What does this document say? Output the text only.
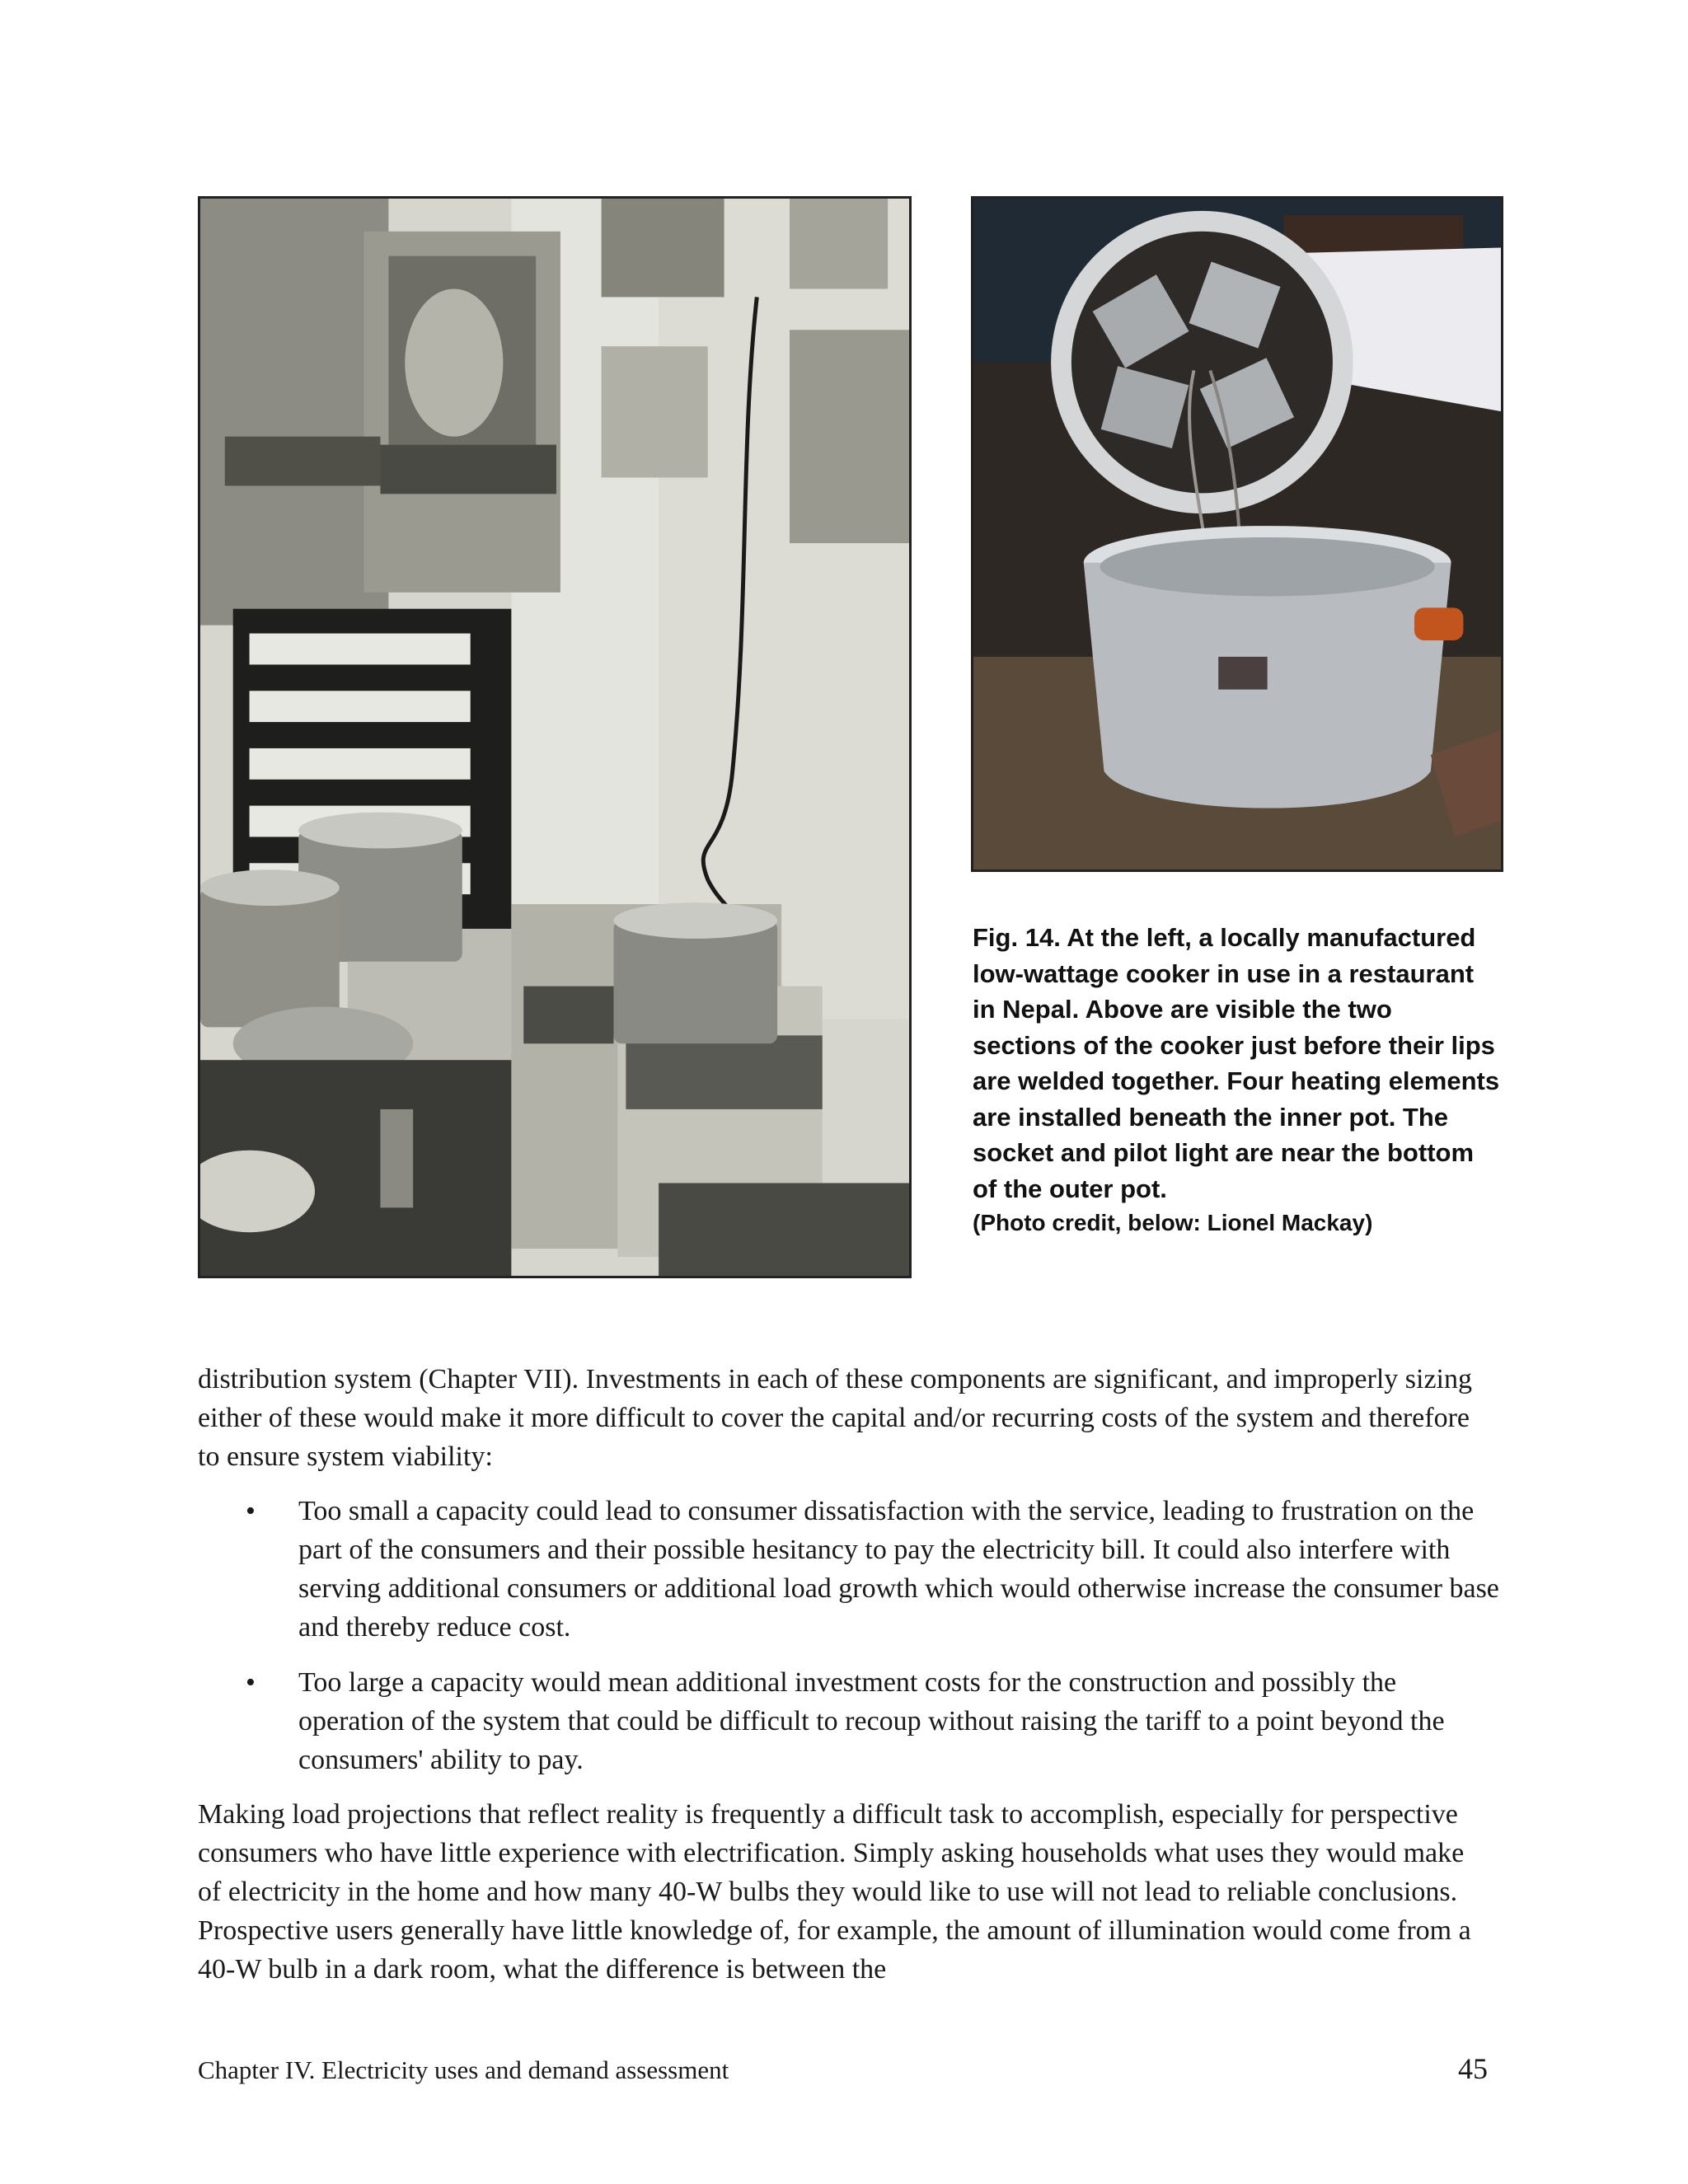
Fig. 14. At the left, a locally manufactured low-wattage cooker in use in a restaurant in Nepal. Above are visible the two sections of the cooker just before their lips are welded together. Four heating elements are installed beneath the inner pot. The socket and pilot light are near the bottom of the outer pot.
(Photo credit, below: Lionel Mackay)
distribution system (Chapter VII). Investments in each of these components are significant, and improperly sizing either of these would make it more difficult to cover the capital and/or recurring costs of the system and therefore to ensure system viability:
• Too small a capacity could lead to consumer dissatisfaction with the service, leading to frustration on the part of the consumers and their possible hesitancy to pay the electricity bill. It could also interfere with serving additional consumers or additional load growth which would otherwise increase the consumer base and thereby reduce cost.
• Too large a capacity would mean additional investment costs for the construction and possibly the operation of the system that could be difficult to recoup without raising the tariff to a point beyond the consumers' ability to pay.
Making load projections that reflect reality is frequently a difficult task to accomplish, especially for perspective consumers who have little experience with electrification. Simply asking households what uses they would make of electricity in the home and how many 40-W bulbs they would like to use will not lead to reliable conclusions. Prospective users generally have little knowledge of, for example, the amount of illumination would come from a 40-W bulb in a dark room, what the difference is between the
Chapter IV. Electricity uses and demand assessment	45
